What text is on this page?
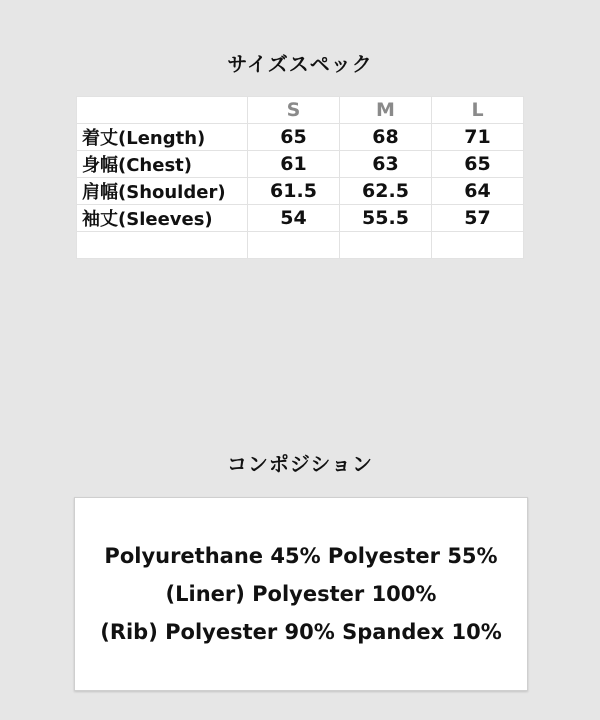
サイズスペック
	S	M	L
着丈(Length)	65	68	71
身幅(Chest)	61	63	65
肩幅(Shoulder)	61.5	62.5	64
袖丈(Sleeves)	54	55.5	57

コンポジション
Polyurethane 45% Polyester 55%
(Liner) Polyester 100%
(Rib) Polyester 90% Spandex 10%
